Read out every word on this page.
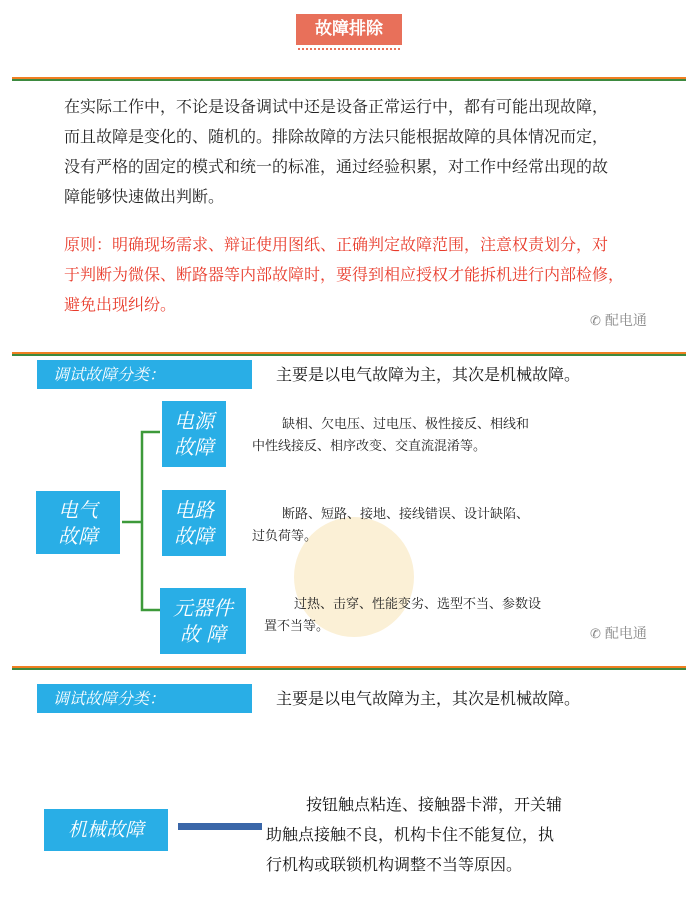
故障排除
在实际工作中，不论是设备调试中还是设备正常运行中，都有可能出现故障，
而且故障是变化的、随机的。排除故障的方法只能根据故障的具体情况而定，
没有严格的固定的模式和统一的标准，通过经验积累，对工作中经常出现的故
障能够快速做出判断。
原则：明确现场需求、辩证使用图纸、正确判定故障范围，注意权责划分，对
于判断为微保、断路器等内部故障时，要得到相应授权才能拆机进行内部检修，
避免出现纠纷。
✆ 配电通
调试故障分类：	主要是以电气故障为主，其次是机械故障。
电气
故障
电源
故障
缺相、欠电压、过电压、极性接反、相线和
中性线接反、相序改变、交直流混淆等。
电路
故障
断路、短路、接地、接线错误、设计缺陷、
过负荷等。
元器件
故 障
过热、击穿、性能变劣、选型不当、参数设
置不当等。
✆ 配电通
调试故障分类：	主要是以电气故障为主，其次是机械故障。
机械故障
按钮触点粘连、接触器卡滞，开关辅
助触点接触不良，机构卡住不能复位，执
行机构或联锁机构调整不当等原因。
